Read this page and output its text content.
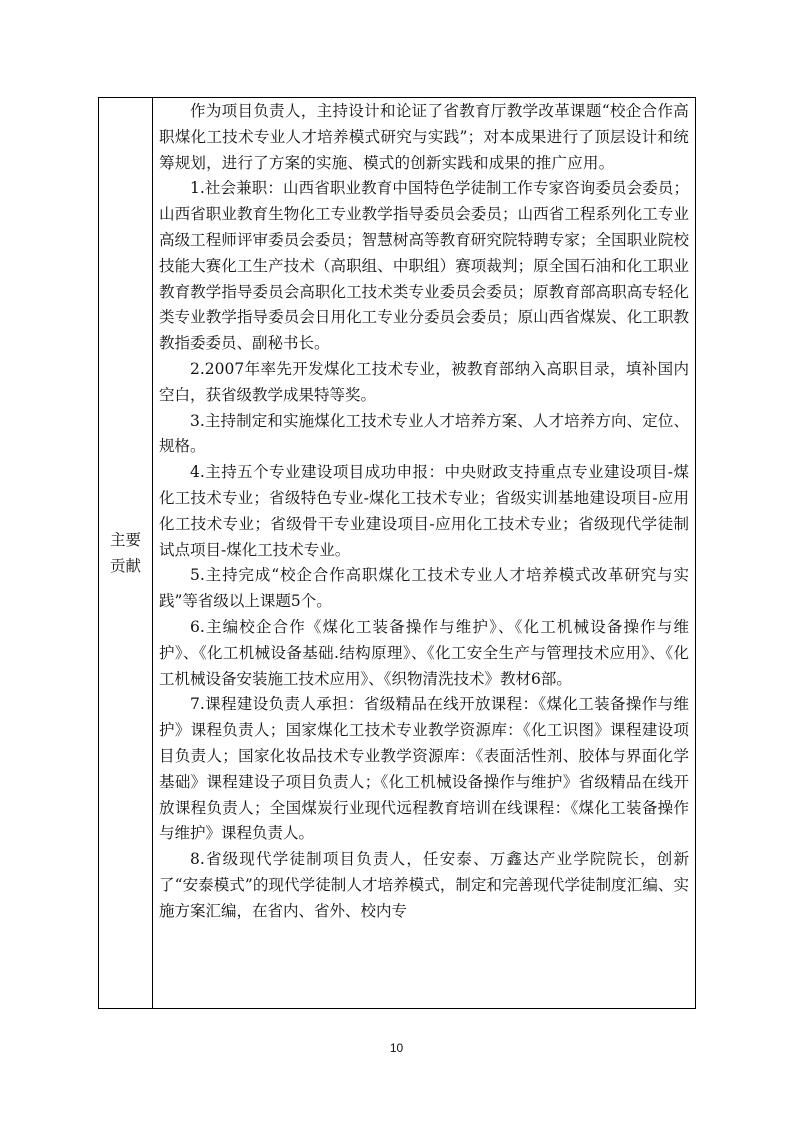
主要
贡献

作为项目负责人，主持设计和论证了省教育厅教学改革课题“校企合作高职煤化工技术专业人才培养模式研究与实践”；对本成果进行了顶层设计和统筹规划，进行了方案的实施、模式的创新实践和成果的推广应用。

1.社会兼职：山西省职业教育中国特色学徒制工作专家咨询委员会委员；山西省职业教育生物化工专业教学指导委员会委员；山西省工程系列化工专业高级工程师评审委员会委员；智慧树高等教育研究院特聘专家；全国职业院校技能大赛化工生产技术（高职组、中职组）赛项裁判；原全国石油和化工职业教育教学指导委员会高职化工技术类专业委员会委员；原教育部高职高专轻化类专业教学指导委员会日用化工专业分委员会委员；原山西省煤炭、化工职教教指委委员、副秘书长。

2.2007年率先开发煤化工技术专业，被教育部纳入高职目录，填补国内空白，获省级教学成果特等奖。

3.主持制定和实施煤化工技术专业人才培养方案、人才培养方向、定位、规格。

4.主持五个专业建设项目成功申报：中央财政支持重点专业建设项目-煤化工技术专业；省级特色专业-煤化工技术专业；省级实训基地建设项目-应用化工技术专业；省级骨干专业建设项目-应用化工技术专业；省级现代学徒制试点项目-煤化工技术专业。

5.主持完成“校企合作高职煤化工技术专业人才培养模式改革研究与实践”等省级以上课题5个。

6.主编校企合作《煤化工装备操作与维护》、《化工机械设备操作与维护》、《化工机械设备基础.结构原理》、《化工安全生产与管理技术应用》、《化工机械设备安装施工技术应用》、《织物清洗技术》教材6部。

7.课程建设负责人承担：省级精品在线开放课程：《煤化工装备操作与维护》课程负责人；国家煤化工技术专业教学资源库：《化工识图》课程建设项目负责人；国家化妆品技术专业教学资源库：《表面活性剂、胶体与界面化学基础》课程建设子项目负责人；《化工机械设备操作与维护》省级精品在线开放课程负责人；全国煤炭行业现代远程教育培训在线课程：《煤化工装备操作与维护》课程负责人。

8.省级现代学徒制项目负责人，任安泰、万鑫达产业学院院长，创新了“安泰模式”的现代学徒制人才培养模式，制定和完善现代学徒制度汇编、实施方案汇编，在省内、省外、校内专

10
